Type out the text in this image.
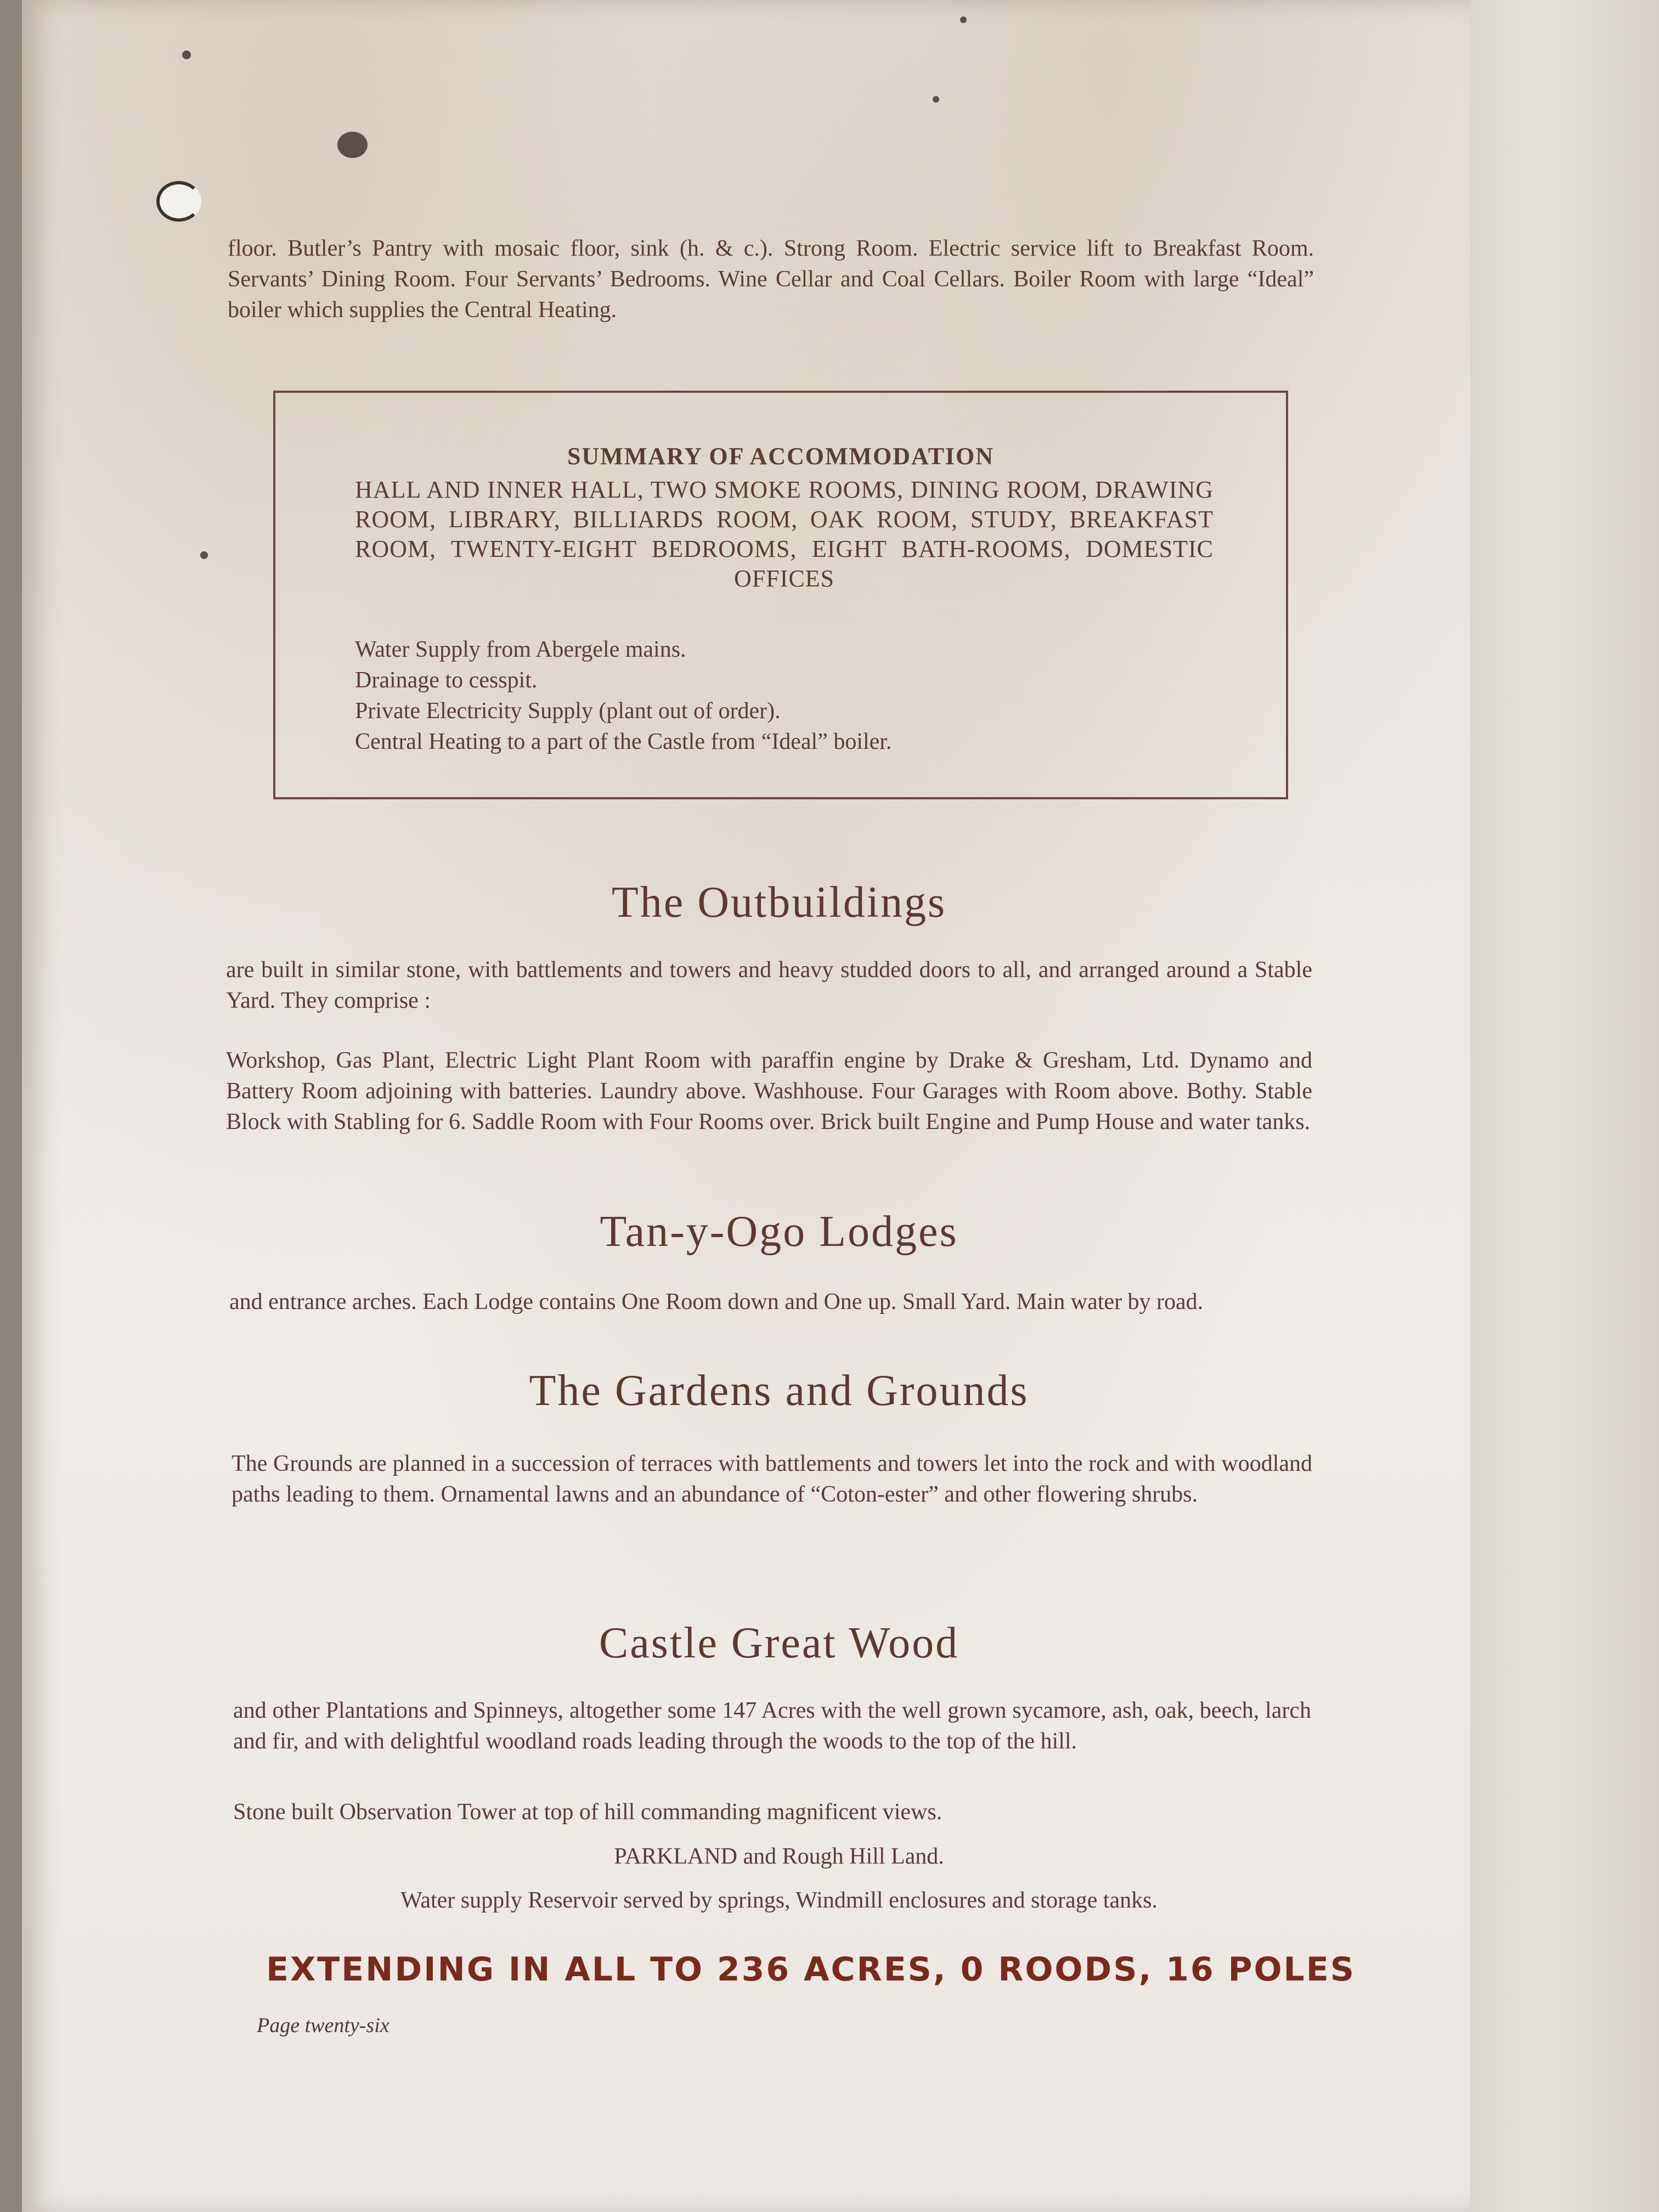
floor. Butler’s Pantry with mosaic floor, sink (h. & c.). Strong Room. Electric service lift to Breakfast Room. Servants’ Dining Room. Four Servants’ Bedrooms. Wine Cellar and Coal Cellars. Boiler Room with large “Ideal” boiler which supplies the Central Heating.
SUMMARY OF ACCOMMODATION
HALL AND INNER HALL, TWO SMOKE ROOMS, DINING ROOM, DRAWING ROOM, LIBRARY, BILLIARDS ROOM, OAK ROOM, STUDY, BREAKFAST ROOM, TWENTY-EIGHT BEDROOMS, EIGHT BATH-ROOMS, DOMESTIC OFFICES
Water Supply from Abergele mains.
Drainage to cesspit.
Private Electricity Supply (plant out of order).
Central Heating to a part of the Castle from “Ideal” boiler.
The Outbuildings
are built in similar stone, with battlements and towers and heavy studded doors to all, and arranged around a Stable Yard. They comprise :
Workshop, Gas Plant, Electric Light Plant Room with paraffin engine by Drake & Gresham, Ltd. Dynamo and Battery Room adjoining with batteries. Laundry above. Washhouse. Four Garages with Room above. Bothy. Stable Block with Stabling for 6. Saddle Room with Four Rooms over. Brick built Engine and Pump House and water tanks.
Tan-y-Ogo Lodges
and entrance arches. Each Lodge contains One Room down and One up. Small Yard. Main water by road.
The Gardens and Grounds
The Grounds are planned in a succession of terraces with battlements and towers let into the rock and with woodland paths leading to them. Ornamental lawns and an abundance of “Coton-ester” and other flowering shrubs.
Castle Great Wood
and other Plantations and Spinneys, altogether some 147 Acres with the well grown sycamore, ash, oak, beech, larch and fir, and with delightful woodland roads leading through the woods to the top of the hill.
Stone built Observation Tower at top of hill commanding magnificent views.
PARKLAND and Rough Hill Land.
Water supply Reservoir served by springs, Windmill enclosures and storage tanks.
EXTENDING IN ALL TO 236 ACRES, 0 ROODS, 16 POLES
Page twenty-six
